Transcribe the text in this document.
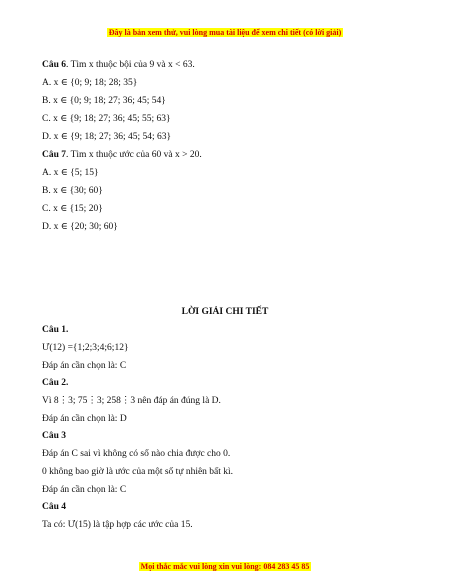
Đây là bản xem thử, vui lòng mua tài liệu để xem chi tiết (có lời giải)
Câu 6. Tìm x thuộc bội của 9 và x < 63.
A. x ∈ {0; 9; 18; 28; 35}
B. x ∈ {0; 9; 18; 27; 36; 45; 54}
C. x ∈ {9; 18; 27; 36; 45; 55; 63}
D. x ∈ {9; 18; 27; 36; 45; 54; 63}
Câu 7. Tìm x thuộc ước của 60 và x > 20.
A. x ∈ {5; 15}
B. x ∈ {30; 60}
C. x ∈ {15; 20}
D. x ∈ {20; 30; 60}
LỜI GIẢI CHI TIẾT
Câu 1.
Ư(12) ={1;2;3;4;6;12}
Đáp án cần chọn là: C
Câu 2.
Vì 8⋮3; 75⋮3; 258⋮3 nên đáp án đúng là D.
Đáp án cần chọn là: D
Câu 3
Đáp án C sai vì không có số nào chia được cho 0.
0 không bao giờ là ước của một số tự nhiên bất kì.
Đáp án cần chọn là: C
Câu 4
Ta có: Ư(15) là tập hợp các ước của 15.
Mọi thắc mắc vui lòng xin vui lòng: 084 283 45 85
